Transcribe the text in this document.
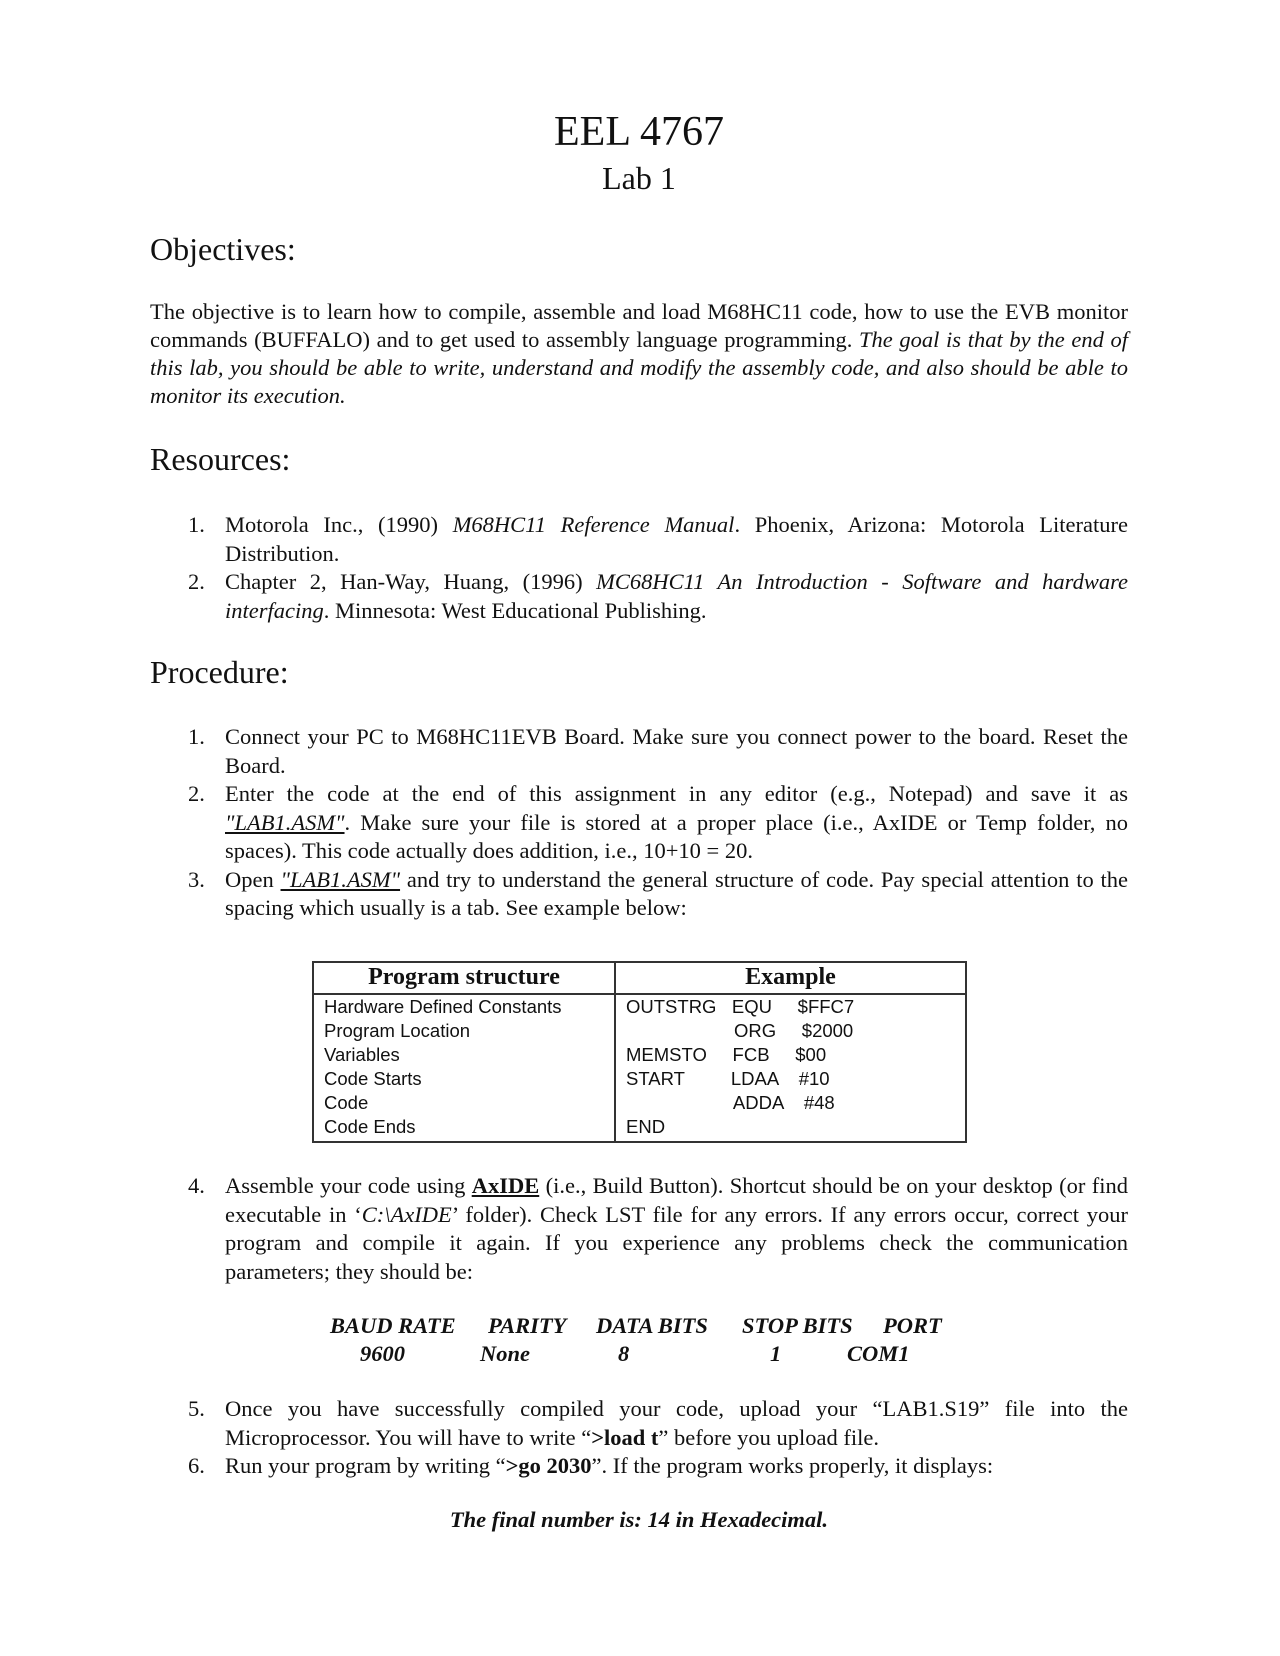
EEL 4767
Lab 1
Objectives:
The objective is to learn how to compile, assemble and load M68HC11 code, how to use the EVB monitor commands (BUFFALO) and to get used to assembly language programming. The goal is that by the end of this lab, you should be able to write, understand and modify the assembly code, and also should be able to monitor its execution.
Resources:
1. Motorola Inc., (1990) M68HC11 Reference Manual. Phoenix, Arizona: Motorola Literature Distribution.
2. Chapter 2, Han-Way, Huang, (1996) MC68HC11 An Introduction - Software and hardware interfacing. Minnesota: West Educational Publishing.
Procedure:
1. Connect your PC to M68HC11EVB Board. Make sure you connect power to the board. Reset the Board.
2. Enter the code at the end of this assignment in any editor (e.g., Notepad) and save it as "LAB1.ASM". Make sure your file is stored at a proper place (i.e., AxIDE or Temp folder, no spaces). This code actually does addition, i.e., 10+10 = 20.
3. Open "LAB1.ASM" and try to understand the general structure of code. Pay special attention to the spacing which usually is a tab. See example below:
Program structure	Example
Hardware Defined Constants	OUTSTRG   EQU     $FFC7
Program Location	ORG     $2000
Variables	MEMSTO     FCB     $00
Code Starts	START         LDAA    #10
Code	ADDA    #48
Code Ends	END
4. Assemble your code using AxIDE (i.e., Build Button). Shortcut should be on your desktop (or find executable in ‘C:\AxIDE’ folder). Check LST file for any errors. If any errors occur, correct your program and compile it again. If you experience any problems check the communication parameters; they should be:
BAUD RATE	PARITY	DATA BITS	STOP BITS	PORT
9600	None	8	1	COM1
5. Once you have successfully compiled your code, upload your “LAB1.S19” file into the Microprocessor. You will have to write “>load t” before you upload file.
6. Run your program by writing “>go 2030”. If the program works properly, it displays:
The final number is: 14 in Hexadecimal.
